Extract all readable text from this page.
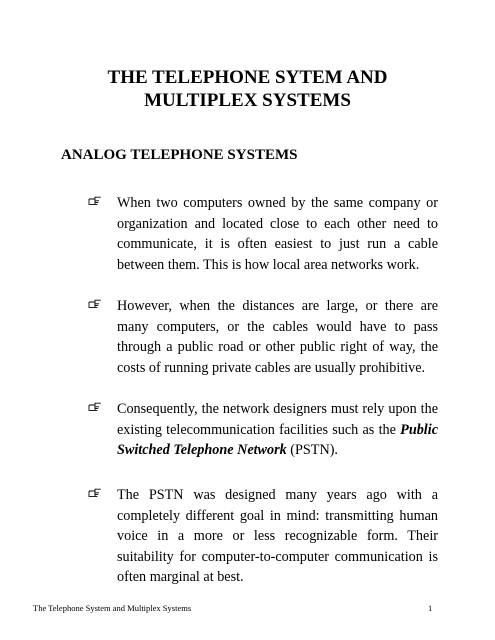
THE TELEPHONE SYTEM AND
MULTIPLEX SYSTEMS
ANALOG TELEPHONE SYSTEMS

When two computers owned by the same company or organization and located close to each other need to communicate, it is often easiest to just run a cable between them. This is how local area networks work.

However, when the distances are large, or there are many computers, or the cables would have to pass through a public road or other public right of way, the costs of running private cables are usually prohibitive.

Consequently, the network designers must rely upon the existing telecommunication facilities such as the Public Switched Telephone Network (PSTN).

The PSTN was designed many years ago with a completely different goal in mind: transmitting human voice in a more or less recognizable form. Their suitability for computer-to-computer communication is often marginal at best.

The Telephone System and Multiplex Systems	1
